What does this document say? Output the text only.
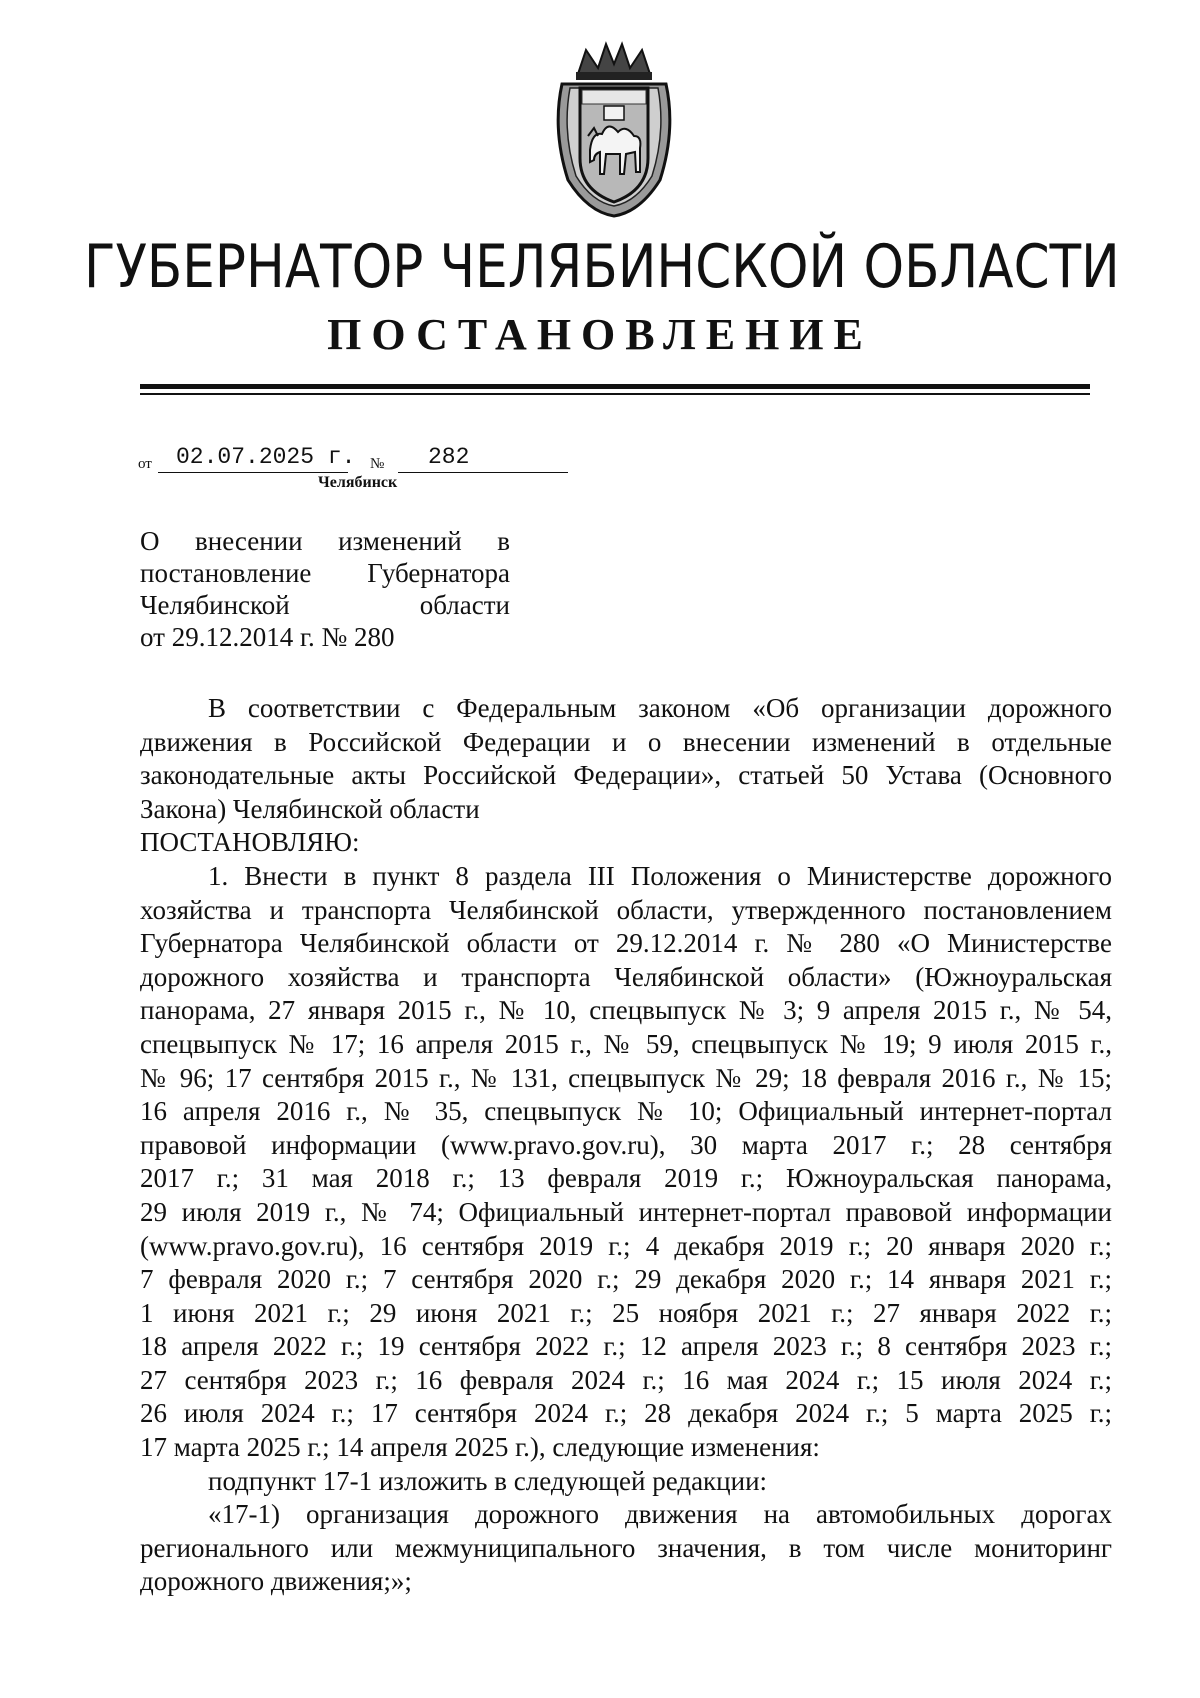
ГУБЕРНАТОР ЧЕЛЯБИНСКОЙ ОБЛАСТИ
ПОСТАНОВЛЕНИЕ
от 02.07.2025 г. № 282
Челябинск
О внесении изменений в
постановление Губернатора
Челябинской области
от 29.12.2014 г. № 280
В соответствии с Федеральным законом «Об организации дорожного
движения в Российской Федерации и о внесении изменений в отдельные
законодательные акты Российской Федерации», статьей 50 Устава (Основного
Закона) Челябинской области
ПОСТАНОВЛЯЮ:
1. Внести в пункт 8 раздела III Положения о Министерстве дорожного
хозяйства и транспорта Челябинской области, утвержденного постановлением
Губернатора Челябинской области от 29.12.2014 г. № 280 «О Министерстве
дорожного хозяйства и транспорта Челябинской области» (Южноуральская
панорама, 27 января 2015 г., № 10, спецвыпуск № 3; 9 апреля 2015 г., № 54,
спецвыпуск № 17; 16 апреля 2015 г., № 59, спецвыпуск № 19; 9 июля 2015 г.,
№ 96; 17 сентября 2015 г., № 131, спецвыпуск № 29; 18 февраля 2016 г., № 15;
16 апреля 2016 г., № 35, спецвыпуск № 10; Официальный интернет-портал
правовой информации (www.pravo.gov.ru), 30 марта 2017 г.; 28 сентября
2017 г.; 31 мая 2018 г.; 13 февраля 2019 г.; Южноуральская панорама,
29 июля 2019 г., № 74; Официальный интернет-портал правовой информации
(www.pravo.gov.ru), 16 сентября 2019 г.; 4 декабря 2019 г.; 20 января 2020 г.;
7 февраля 2020 г.; 7 сентября 2020 г.; 29 декабря 2020 г.; 14 января 2021 г.;
1 июня 2021 г.; 29 июня 2021 г.; 25 ноября 2021 г.; 27 января 2022 г.;
18 апреля 2022 г.; 19 сентября 2022 г.; 12 апреля 2023 г.; 8 сентября 2023 г.;
27 сентября 2023 г.; 16 февраля 2024 г.; 16 мая 2024 г.; 15 июля 2024 г.;
26 июля 2024 г.; 17 сентября 2024 г.; 28 декабря 2024 г.; 5 марта 2025 г.;
17 марта 2025 г.; 14 апреля 2025 г.), следующие изменения:
подпункт 17-1 изложить в следующей редакции:
«17-1) организация дорожного движения на автомобильных дорогах
регионального или межмуниципального значения, в том числе мониторинг
дорожного движения;»;
